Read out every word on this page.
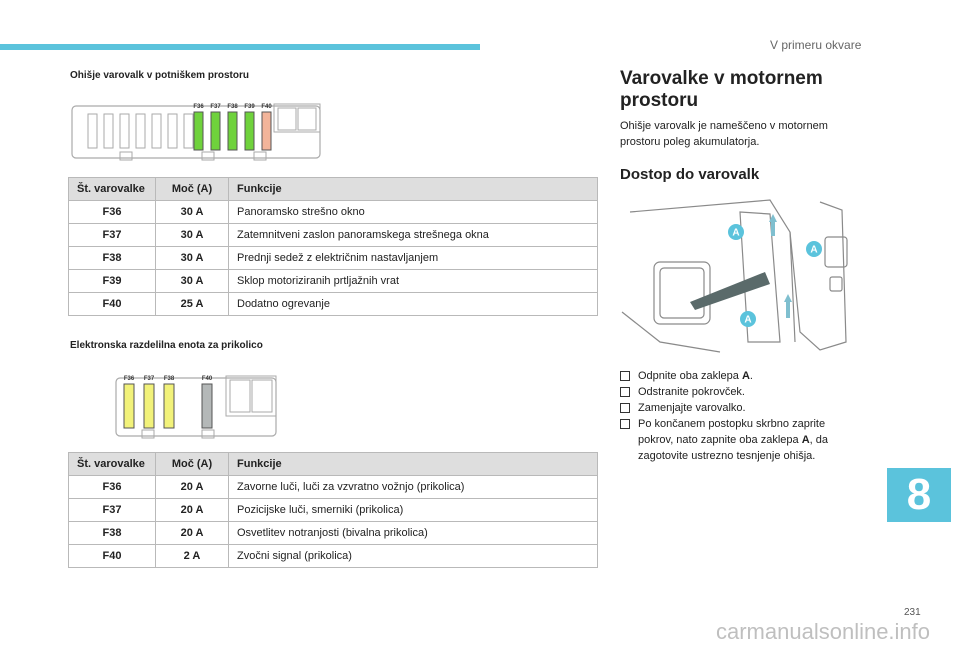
V primeru okvare
Ohišje varovalk v potniškem prostoru
F36 F37 F38 F39 F40
Št. varovalke	Moč (A)	Funkcije
F36	30 A	Panoramsko strešno okno
F37	30 A	Zatemnitveni zaslon panoramskega strešnega okna
F38	30 A	Prednji sedež z električnim nastavljanjem
F39	30 A	Sklop motoriziranih prtljažnih vrat
F40	25 A	Dodatno ogrevanje
Elektronska razdelilna enota za prikolico
F36 F37 F38	F40
Št. varovalke	Moč (A)	Funkcije
F36	20 A	Zavorne luči, luči za vzvratno vožnjo (prikolica)
F37	20 A	Pozicijske luči, smerniki (prikolica)
F38	20 A	Osvetlitev notranjosti (bivalna prikolica)
F40	2 A	Zvočni signal (prikolica)
Varovalke v motornem prostoru
Ohišje varovalk je nameščeno v motornem prostoru poleg akumulatorja.
Dostop do varovalk
A
A
A
Odpnite oba zaklepa A.
Odstranite pokrovček.
Zamenjajte varovalko.
Po končanem postopku skrbno zaprite pokrov, nato zapnite oba zaklepa A, da zagotovite ustrezno tesnjenje ohišja.
8
231
carmanualsonline.info
